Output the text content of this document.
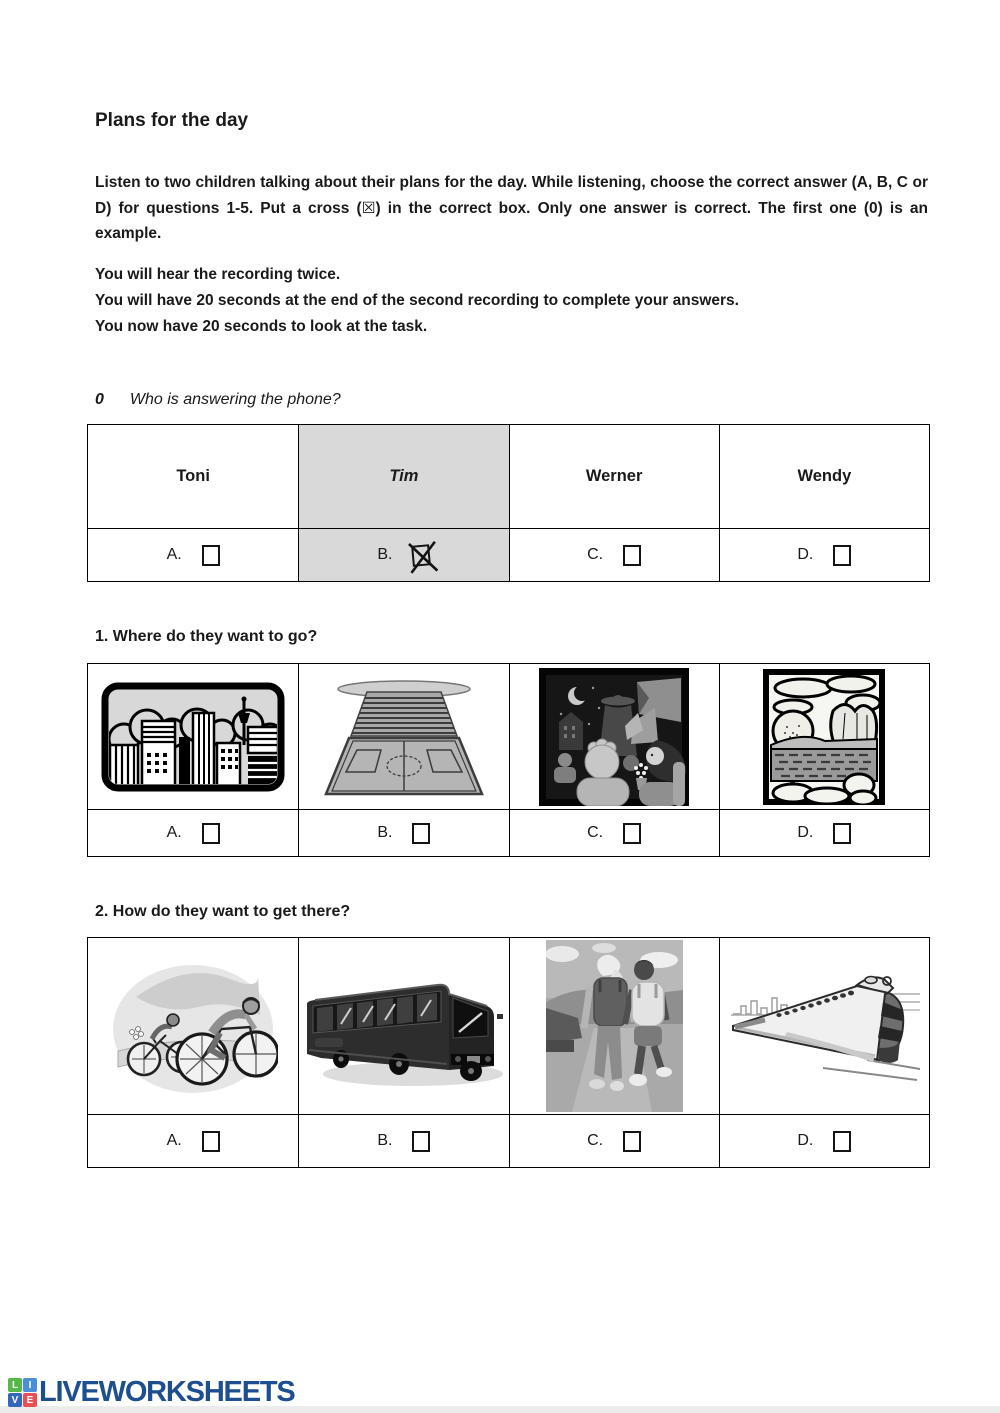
Plans for the day
Listen to two children talking about their plans for the day. While listening, choose the correct answer (A, B, C or D) for questions 1-5. Put a cross (☒) in the correct box. Only one answer is correct. The first one (0) is an example.
You will hear the recording twice.
You will have 20 seconds at the end of the second recording to complete your answers.
You now have 20 seconds to look at the task.
0 Who is answering the phone?
Toni	Tim	Werner	Wendy
A.	B.	C.	D.
1. Where do they want to go?
A.	B.	C.	D.
2. How do they want to get there?
A.	B.	C.	D.
L	I
V E LIVEWORKSHEETS
